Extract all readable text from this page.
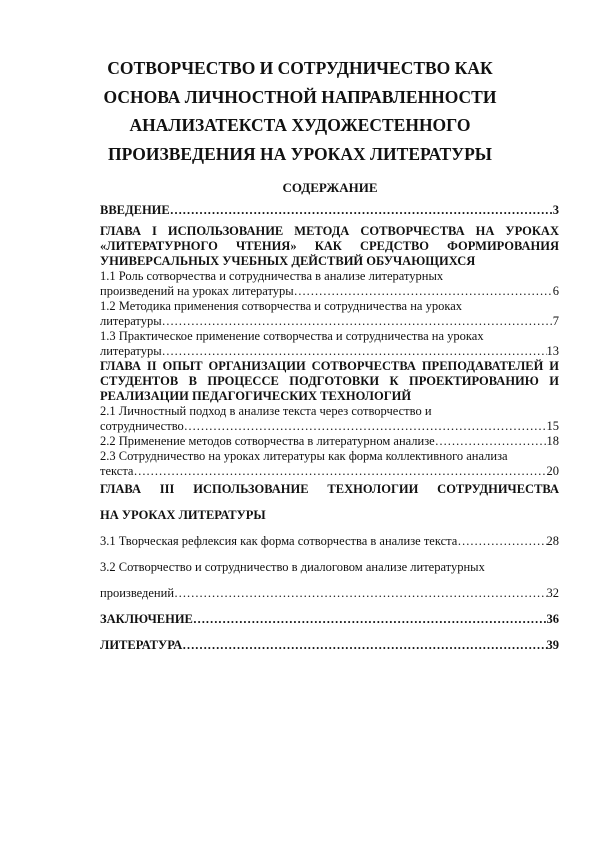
СОТВОРЧЕСТВО И СОТРУДНИЧЕСТВО КАК
ОСНОВА ЛИЧНОСТНОЙ НАПРАВЛЕННОСТИ
АНАЛИЗАТЕКСТА ХУДОЖЕСТЕННОГО
ПРОИЗВЕДЕНИЯ НА УРОКАХ ЛИТЕРАТУРЫ
СОДЕРЖАНИЕ
ВВЕДЕНИЕ …………………………………………………………………………………………………………………………………………………………………	3
ГЛАВА I ИСПОЛЬЗОВАНИЕ МЕТОДА СОТВОРЧЕСТВА НА УРОКАХ «ЛИТЕРАТУРНОГО ЧТЕНИЯ» КАК СРЕДСТВО ФОРМИРОВАНИЯ УНИВЕРСАЛЬНЫХ УЧЕБНЫХ ДЕЙСТВИЙ ОБУЧАЮЩИХСЯ
1.1 Роль сотворчества и сотрудничества в анализе литературных
произведений на уроках литературы …………………………………………………………………………………………………………………………………………………………………	6
1.2 Методика применения сотворчества и сотрудничества на уроках
литературы …………………………………………………………………………………………………………………………………………………………………	7
1.3 Практическое применение сотворчества и сотрудничества на уроках
литературы …………………………………………………………………………………………………………………………………………………………………	13
ГЛАВА II ОПЫТ ОРГАНИЗАЦИИ СОТВОРЧЕСТВА ПРЕПОДАВАТЕЛЕЙ И СТУДЕНТОВ В ПРОЦЕССЕ ПОДГОТОВКИ К ПРОЕКТИРОВАНИЮ И РЕАЛИЗАЦИИ ПЕДАГОГИЧЕСКИХ ТЕХНОЛОГИЙ
2.1 Личностный подход в анализе текста через сотворчество и
сотрудничество …………………………………………………………………………………………………………………………………………………………………	15
2.2 Применение методов сотворчества в литературном анализе …………………………………………………………………………………………………………………………………………………………………	18
2.3 Сотрудничество на уроках литературы как форма коллективного анализа
текста …………………………………………………………………………………………………………………………………………………………………	20
ГЛАВА III ИСПОЛЬЗОВАНИЕ ТЕХНОЛОГИИ СОТРУДНИЧЕСТВА
НА УРОКАХ ЛИТЕРАТУРЫ
3.1 Творческая рефлексия как форма сотворчества в анализе текста …………………………………………………………………………………………………………………………………………………………………	28
3.2 Сотворчество и сотрудничество в диалоговом анализе литературных
произведений …………………………………………………………………………………………………………………………………………………………………	32
ЗАКЛЮЧЕНИЕ …………………………………………………………………………………………………………………………………………………………………	36
ЛИТЕРАТУРА …………………………………………………………………………………………………………………………………………………………………	39
